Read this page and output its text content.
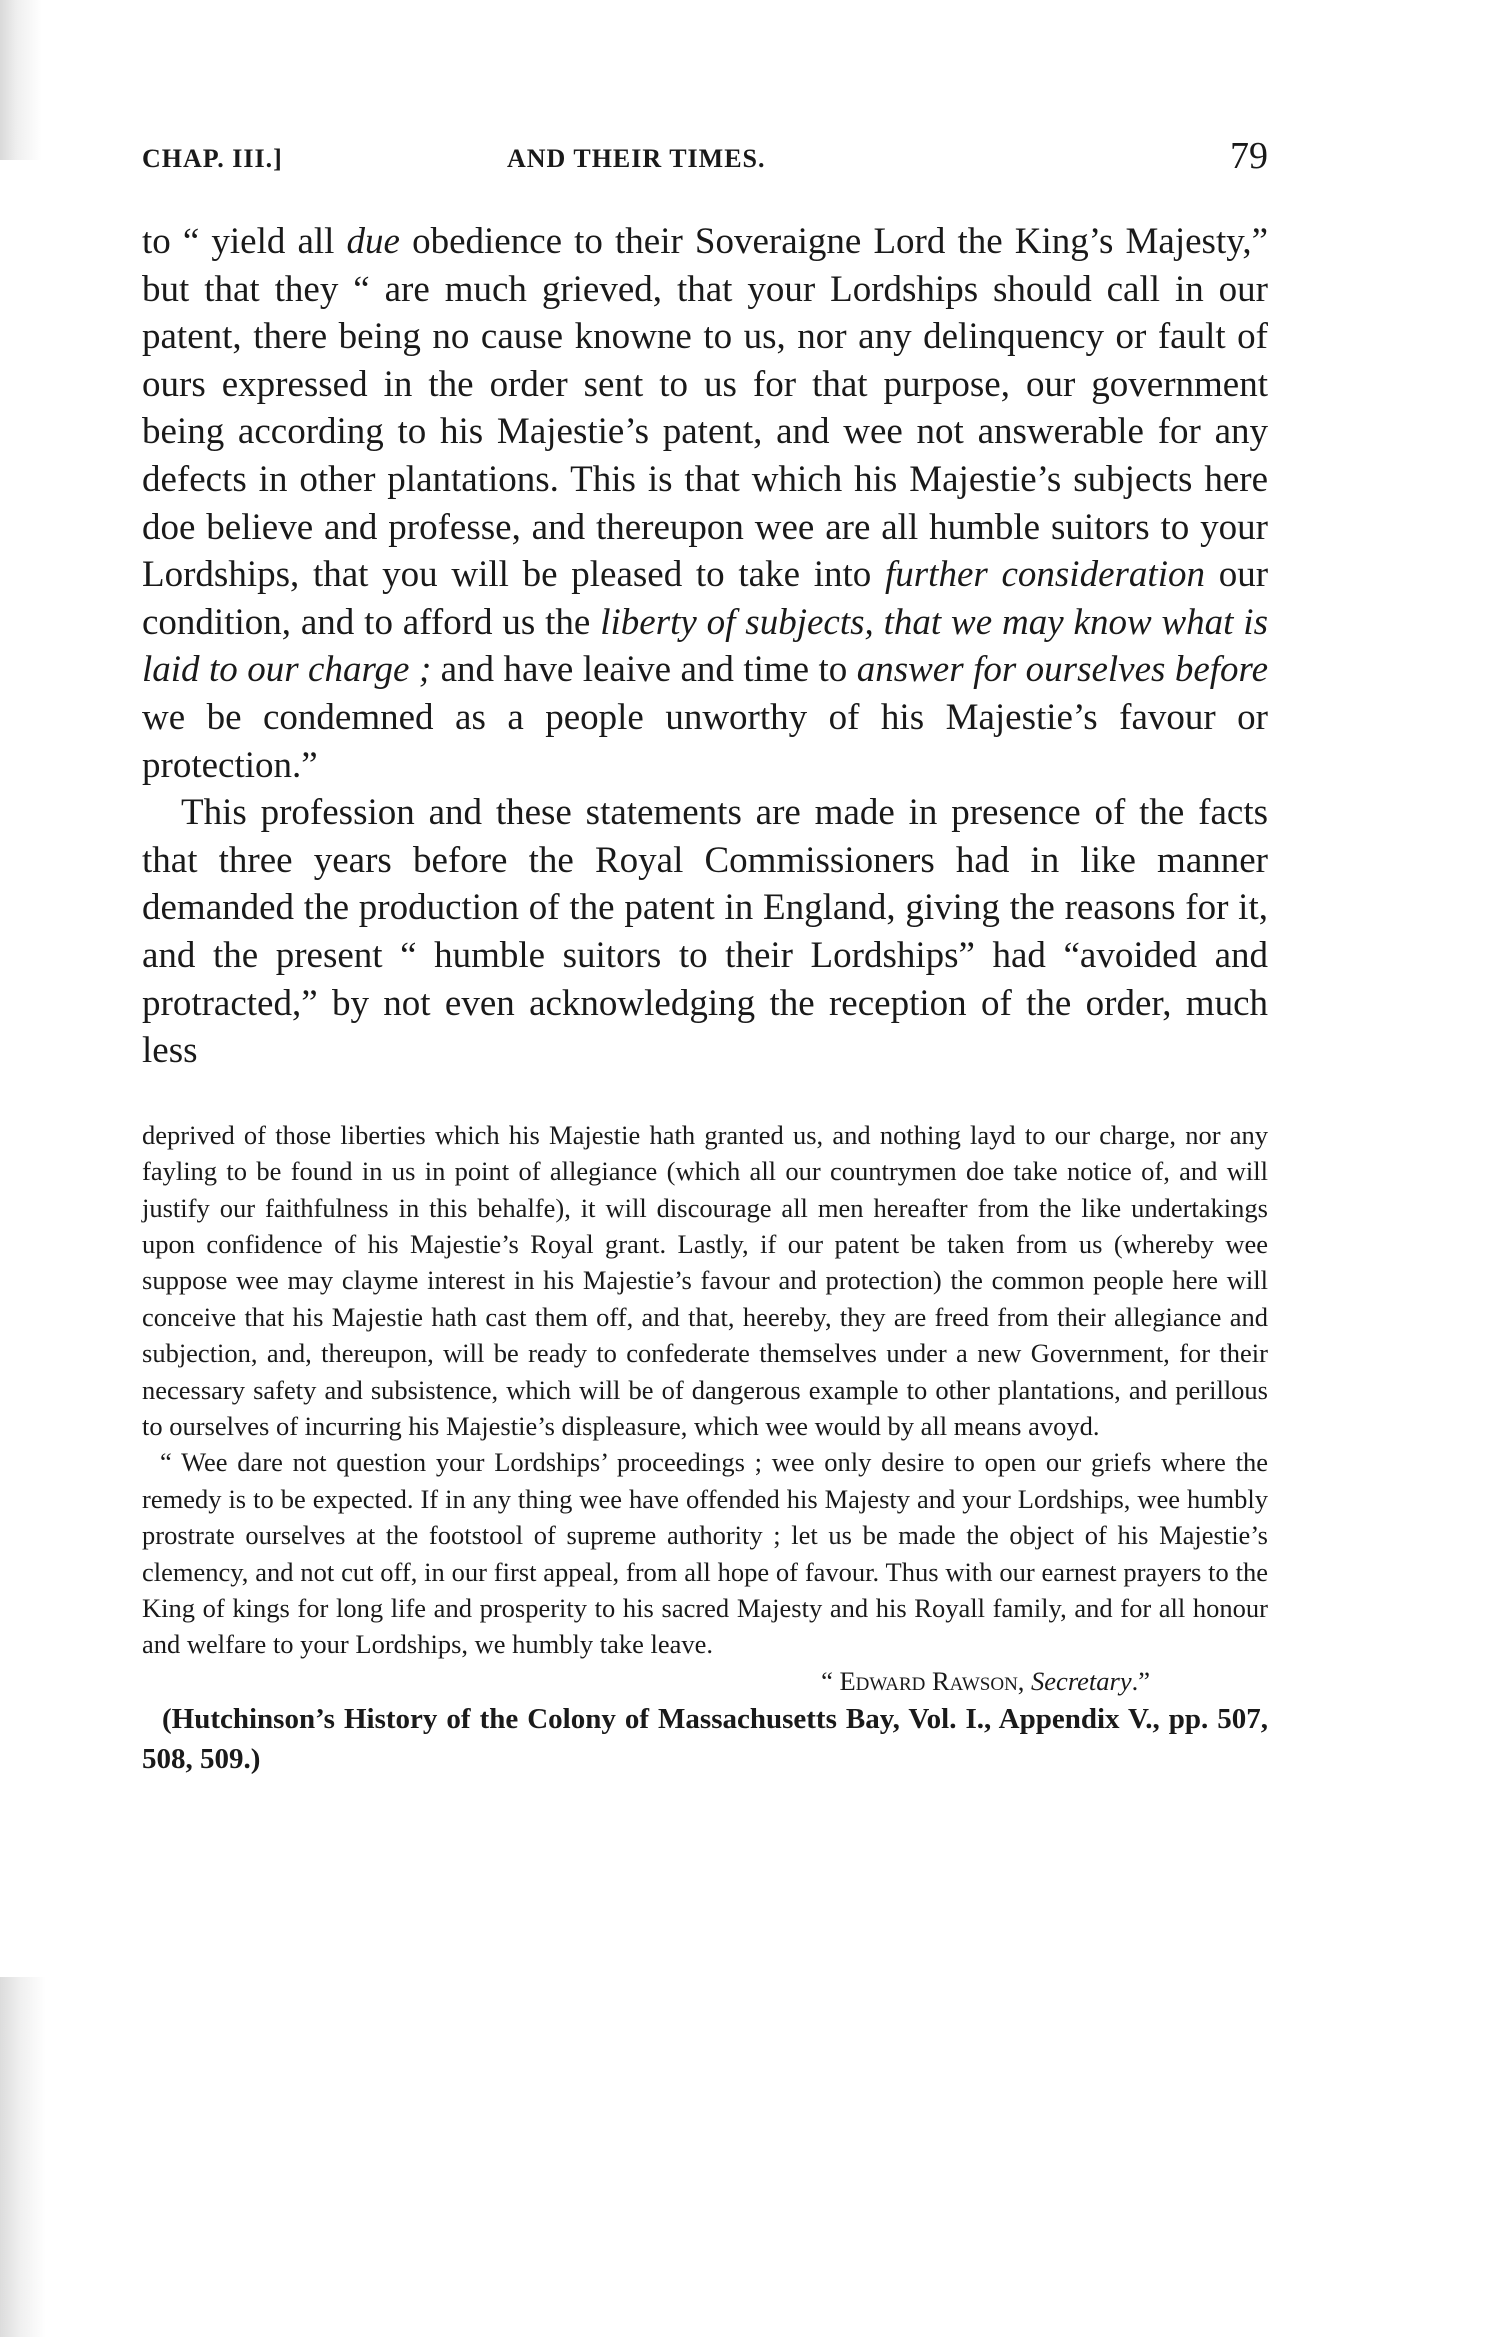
CHAP. III.]	AND THEIR TIMES.	79

to “ yield all due obedience to their Soveraigne Lord the King’s Majesty,” but that they “ are much grieved, that your Lordships should call in our patent, there being no cause knowne to us, nor any delinquency or fault of ours expressed in the order sent to us for that purpose, our government being according to his Majestie’s patent, and wee not answerable for any defects in other plantations. This is that which his Majestie’s subjects here doe believe and professe, and thereupon wee are all humble suitors to your Lordships, that you will be pleased to take into further consideration our condition, and to afford us the liberty of subjects, that we may know what is laid to our charge ; and have leaive and time to answer for ourselves before we be condemned as a people unworthy of his Majestie’s favour or protection.”

This profession and these statements are made in presence of the facts that three years before the Royal Commissioners had in like manner demanded the production of the patent in England, giving the reasons for it, and the present “ humble suitors to their Lordships” had “avoided and protracted,” by not even acknowledging the reception of the order, much less

deprived of those liberties which his Majestie hath granted us, and nothing layd to our charge, nor any fayling to be found in us in point of allegiance (which all our countrymen doe take notice of, and will justify our faithfulness in this behalfe), it will discourage all men hereafter from the like undertakings upon confidence of his Majestie’s Royal grant. Lastly, if our patent be taken from us (whereby wee suppose wee may clayme interest in his Majestie’s favour and protection) the common people here will conceive that his Majestie hath cast them off, and that, heereby, they are freed from their allegiance and subjection, and, thereupon, will be ready to confederate themselves under a new Government, for their necessary safety and subsistence, which will be of dangerous example to other plantations, and perillous to ourselves of incurring his Majestie’s displeasure, which wee would by all means avoyd.

“ Wee dare not question your Lordships’ proceedings ; wee only desire to open our griefs where the remedy is to be expected. If in any thing wee have offended his Majesty and your Lordships, wee humbly prostrate ourselves at the footstool of supreme authority ; let us be made the object of his Majestie’s clemency, and not cut off, in our first appeal, from all hope of favour. Thus with our earnest prayers to the King of kings for long life and prosperity to his sacred Majesty and his Royall family, and for all honour and welfare to your Lordships, we humbly take leave.

“ Edward Rawson, Secretary.”

(Hutchinson’s History of the Colony of Massachusetts Bay, Vol. I., Appendix V., pp. 507, 508, 509.)
